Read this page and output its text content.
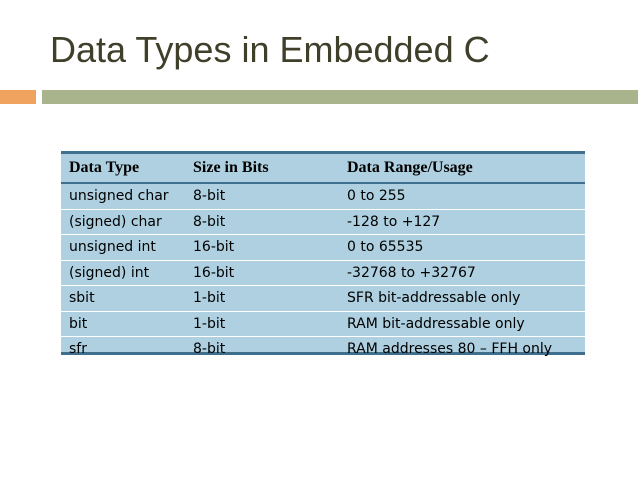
Data Types in Embedded C
Data Type	Size in Bits	Data Range/Usage
unsigned char	8-bit	0 to 255
(signed) char	8-bit	-128 to +127
unsigned int	16-bit	0 to 65535
(signed) int	16-bit	-32768 to +32767
sbit	1-bit	SFR bit-addressable only
bit	1-bit	RAM bit-addressable only
sfr	8-bit	RAM addresses 80 – FFH only
